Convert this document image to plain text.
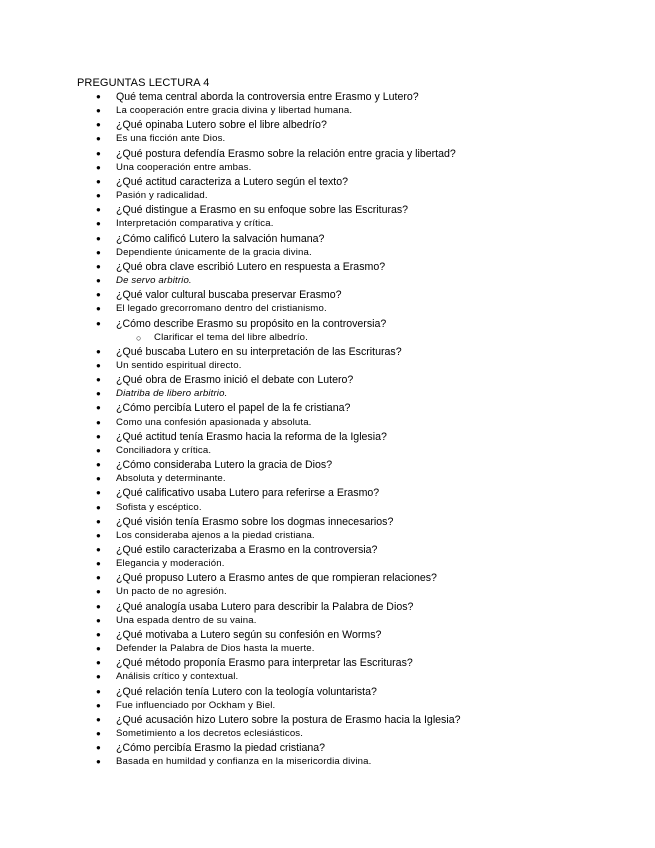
PREGUNTAS LECTURA 4
● Qué tema central aborda la controversia entre Erasmo y Lutero?
● La cooperación entre gracia divina y libertad humana.
● ¿Qué opinaba Lutero sobre el libre albedrío?
● Es una ficción ante Dios.
● ¿Qué postura defendía Erasmo sobre la relación entre gracia y libertad?
● Una cooperación entre ambas.
● ¿Qué actitud caracteriza a Lutero según el texto?
● Pasión y radicalidad.
● ¿Qué distingue a Erasmo en su enfoque sobre las Escrituras?
● Interpretación comparativa y crítica.
● ¿Cómo calificó Lutero la salvación humana?
● Dependiente únicamente de la gracia divina.
● ¿Qué obra clave escribió Lutero en respuesta a Erasmo?
● De servo arbitrio.
● ¿Qué valor cultural buscaba preservar Erasmo?
● El legado grecorromano dentro del cristianismo.
● ¿Cómo describe Erasmo su propósito en la controversia?
○ Clarificar el tema del libre albedrío.
● ¿Qué buscaba Lutero en su interpretación de las Escrituras?
● Un sentido espiritual directo.
● ¿Qué obra de Erasmo inició el debate con Lutero?
● Diatriba de libero arbitrio.
● ¿Cómo percibía Lutero el papel de la fe cristiana?
● Como una confesión apasionada y absoluta.
● ¿Qué actitud tenía Erasmo hacia la reforma de la Iglesia?
● Conciliadora y crítica.
● ¿Cómo consideraba Lutero la gracia de Dios?
● Absoluta y determinante.
● ¿Qué calificativo usaba Lutero para referirse a Erasmo?
● Sofista y escéptico.
● ¿Qué visión tenía Erasmo sobre los dogmas innecesarios?
● Los consideraba ajenos a la piedad cristiana.
● ¿Qué estilo caracterizaba a Erasmo en la controversia?
● Elegancia y moderación.
● ¿Qué propuso Lutero a Erasmo antes de que rompieran relaciones?
● Un pacto de no agresión.
● ¿Qué analogía usaba Lutero para describir la Palabra de Dios?
● Una espada dentro de su vaina.
● ¿Qué motivaba a Lutero según su confesión en Worms?
● Defender la Palabra de Dios hasta la muerte.
● ¿Qué método proponía Erasmo para interpretar las Escrituras?
● Análisis crítico y contextual.
● ¿Qué relación tenía Lutero con la teología voluntarista?
● Fue influenciado por Ockham y Biel.
● ¿Qué acusación hizo Lutero sobre la postura de Erasmo hacia la Iglesia?
● Sometimiento a los decretos eclesiásticos.
● ¿Cómo percibía Erasmo la piedad cristiana?
● Basada en humildad y confianza en la misericordia divina.
